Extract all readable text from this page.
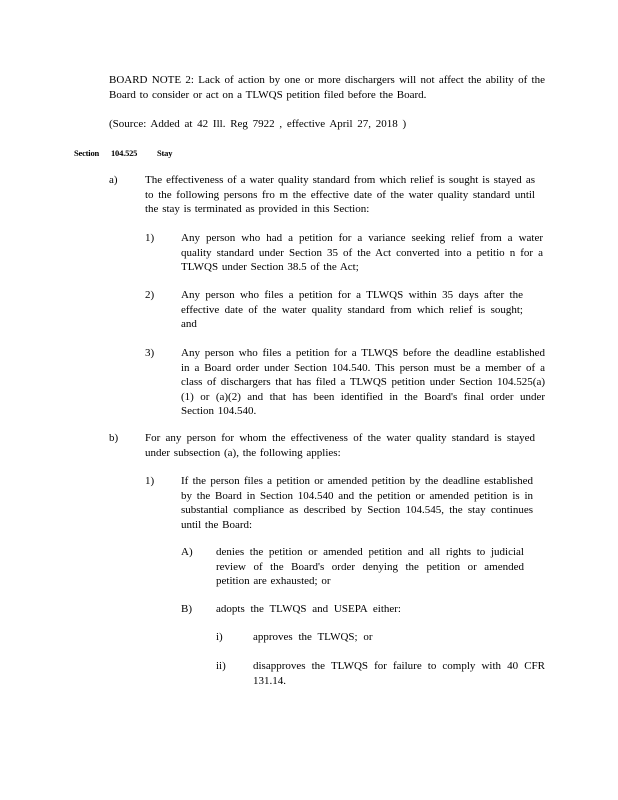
BOARD NOTE 2: Lack of action by one or more dischargers will not affect the ability of the Board to consider or act on a TLWQS petition filed before the Board.

(Source: Added at 42 Ill. Reg 7922 , effective April 27, 2018 )

Section 104.525 Stay
a) The effectiveness of a water quality standard from which relief is sought is stayed as to the following persons fro m the effective date of the water quality standard until the stay is terminated as provided in this Section:

1) Any person who had a petition for a variance seeking relief from a water quality standard under Section 35 of the Act converted into a petitio n for a TLWQS under Section 38.5 of the Act;

2) Any person who files a petition for a TLWQS within 35 days after the effective date of the water quality standard from which relief is sought; and

3) Any person who files a petition for a TLWQS before the deadline established in a Board order under Section 104.540. This person must be a member of a class of dischargers that has filed a TLWQS petition under Section 104.525(a)(1) or (a)(2) and that has been identified in the Board's final order under Section 104.540.

b) For any person for whom the effectiveness of the water quality standard is stayed under subsection (a), the following applies:

1) If the person files a petition or amended petition by the deadline established by the Board in Section 104.540 and the petition or amended petition is in substantial compliance as described by Section 104.545, the stay continues until the Board:

A) denies the petition or amended petition and all rights to judicial review of the Board's order denying the petition or amended petition are exhausted; or

B) adopts the TLWQS and USEPA either:

i)	approves the TLWQS; or

ii) disapproves the TLWQS for failure to comply with 40 CFR 131.14.
